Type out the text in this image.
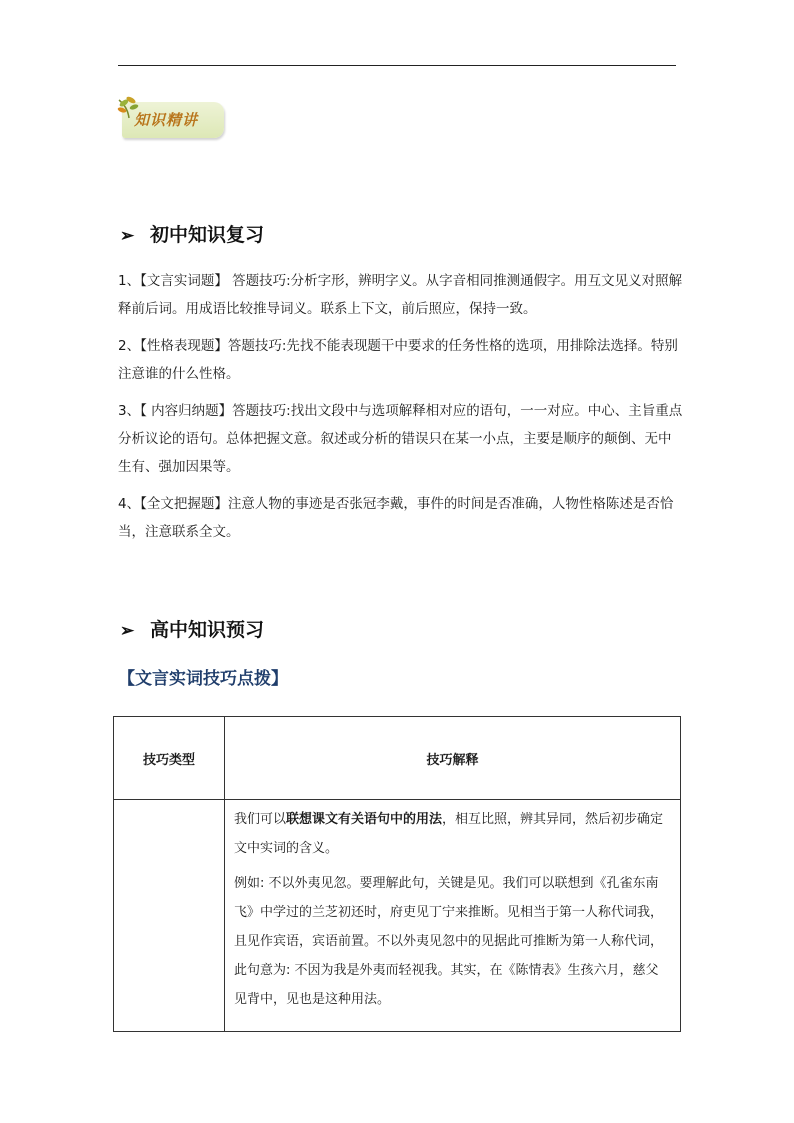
知识精讲
➢ 初中知识复习
1、【文言实词题】 答题技巧:分析字形，辨明字义。从字音相同推测通假字。用互文见义对照解释前后词。用成语比较推导词义。联系上下文，前后照应，保持一致。
2、【性格表现题】答题技巧:先找不能表现题干中要求的任务性格的选项，用排除法选择。特别注意谁的什么性格。
3、【 内容归纳题】答题技巧:找出文段中与选项解释相对应的语句，一一对应。中心、主旨重点分析议论的语句。总体把握文意。叙述或分析的错误只在某一小点，主要是顺序的颠倒、无中生有、强加因果等。
4、【全文把握题】注意人物的事迹是否张冠李戴，事件的时间是否准确，人物性格陈述是否恰当，注意联系全文。
➢ 高中知识预习
【文言实词技巧点拨】
技巧类型	技巧解释

	我们可以联想课文有关语句中的用法，相互比照，辨其异同，然后初步确定文中实词的含义。

例如: 不以外夷见忽。要理解此句，关键是见。我们可以联想到《孔雀东南飞》中学过的兰芝初还时，府吏见丁宁来推断。见相当于第一人称代词我，且见作宾语，宾语前置。不以外夷见忽中的见据此可推断为第一人称代词，此句意为: 不因为我是外夷而轻视我。其实，在《陈情表》生孩六月，慈父见背中，见也是这种用法。
